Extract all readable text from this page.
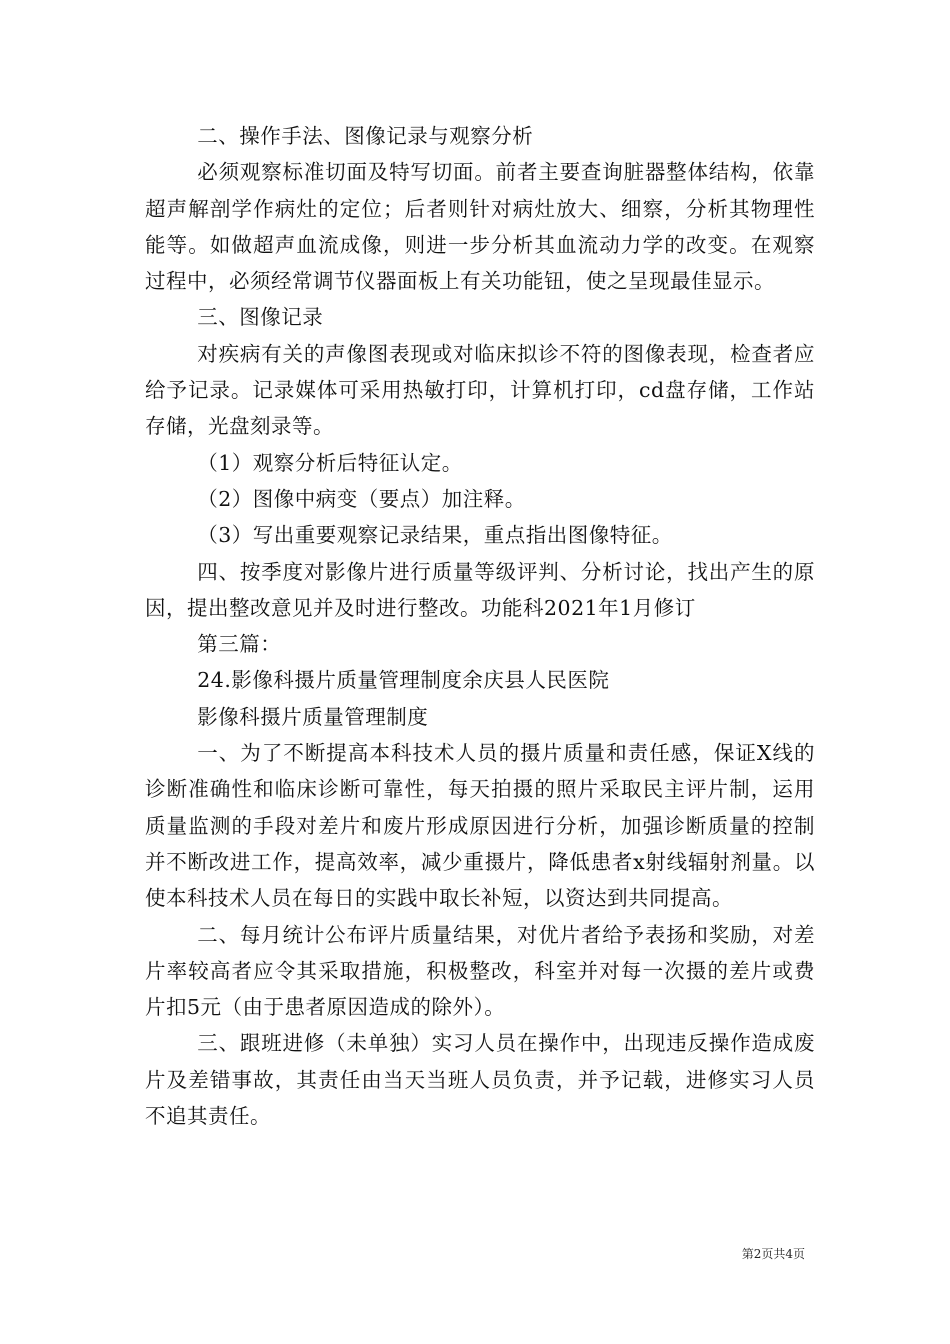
二、操作手法、图像记录与观察分析

必须观察标准切面及特写切面。前者主要查询脏器整体结构，依靠超声解剖学作病灶的定位；后者则针对病灶放大、细察，分析其物理性能等。如做超声血流成像，则进一步分析其血流动力学的改变。在观察过程中，必须经常调节仪器面板上有关功能钮，使之呈现最佳显示。

三、图像记录

对疾病有关的声像图表现或对临床拟诊不符的图像表现，检查者应给予记录。记录媒体可采用热敏打印，计算机打印，cd盘存储，工作站存储，光盘刻录等。

（1）观察分析后特征认定。

（2）图像中病变（要点）加注释。

（3）写出重要观察记录结果，重点指出图像特征。

四、按季度对影像片进行质量等级评判、分析讨论，找出产生的原因，提出整改意见并及时进行整改。功能科2021年1月修订

第三篇：

24.影像科摄片质量管理制度余庆县人民医院

影像科摄片质量管理制度

一、为了不断提高本科技术人员的摄片质量和责任感，保证X线的诊断准确性和临床诊断可靠性，每天拍摄的照片采取民主评片制，运用质量监测的手段对差片和废片形成原因进行分析，加强诊断质量的控制并不断改进工作，提高效率，减少重摄片，降低患者x射线辐射剂量。以使本科技术人员在每日的实践中取长补短，以资达到共同提高。

二、每月统计公布评片质量结果，对优片者给予表扬和奖励，对差片率较高者应令其采取措施，积极整改，科室并对每一次摄的差片或费片扣5元（由于患者原因造成的除外）。

三、跟班进修（未单独）实习人员在操作中，出现违反操作造成废片及差错事故，其责任由当天当班人员负责，并予记载，进修实习人员不追其责任。

第2页共4页
